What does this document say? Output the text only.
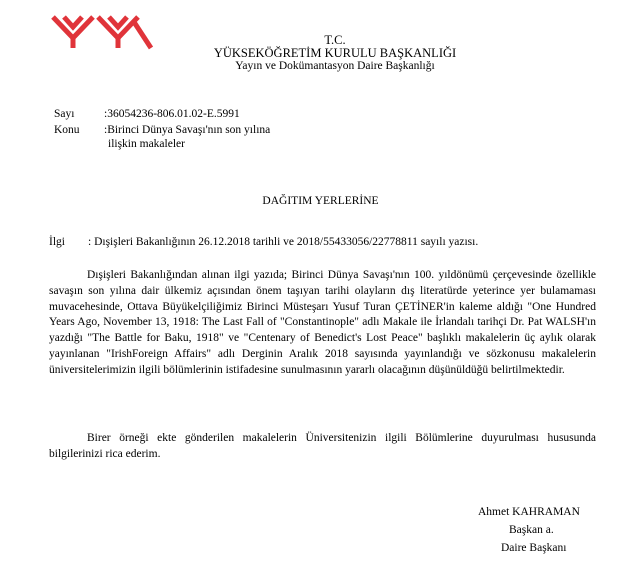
T.C.
YÜKSEKÖĞRETİM KURULU BAŞKANLIĞI
Yayın ve Dokümantasyon Daire Başkanlığı
Sayı	:36054236-806.01.02-E.5991
Konu :Birinci Dünya Savaşı'nın son yılına
ilişkin makaleler
DAĞITIM YERLERİNE
İlgi : Dışişleri Bakanlığının 26.12.2018 tarihli ve 2018/55433056/22778811 sayılı yazısı.
Dışişleri Bakanlığından alınan ilgi yazıda; Birinci Dünya Savaşı'nın 100. yıldönümü çerçevesinde özellikle savaşın son yılına dair ülkemiz açısından önem taşıyan tarihi olayların dış literatürde yeterince yer bulamaması muvacehesinde, Ottava Büyükelçiliğimiz Birinci Müsteşarı Yusuf Turan ÇETİNER'in kaleme aldığı "One Hundred Years Ago, November 13, 1918: The Last Fall of "Constantinople" adlı Makale ile İrlandalı tarihçi Dr. Pat WALSH'ın yazdığı "The Battle for Baku, 1918" ve "Centenary of Benedict's Lost Peace" başlıklı makalelerin üç aylık olarak yayınlanan "IrishForeign Affairs" adlı Derginin Aralık 2018 sayısında yayınlandığı ve sözkonusu makalelerin üniversitelerimizin ilgili bölümlerinin istifadesine sunulmasının yararlı olacağının düşünüldüğü belirtilmektedir.
Birer örneği ekte gönderilen makalelerin Üniversitenizin ilgili Bölümlerine duyurulması hususunda bilgilerinizi rica ederim.
Ahmet KAHRAMAN
Başkan a.
Daire Başkanı
